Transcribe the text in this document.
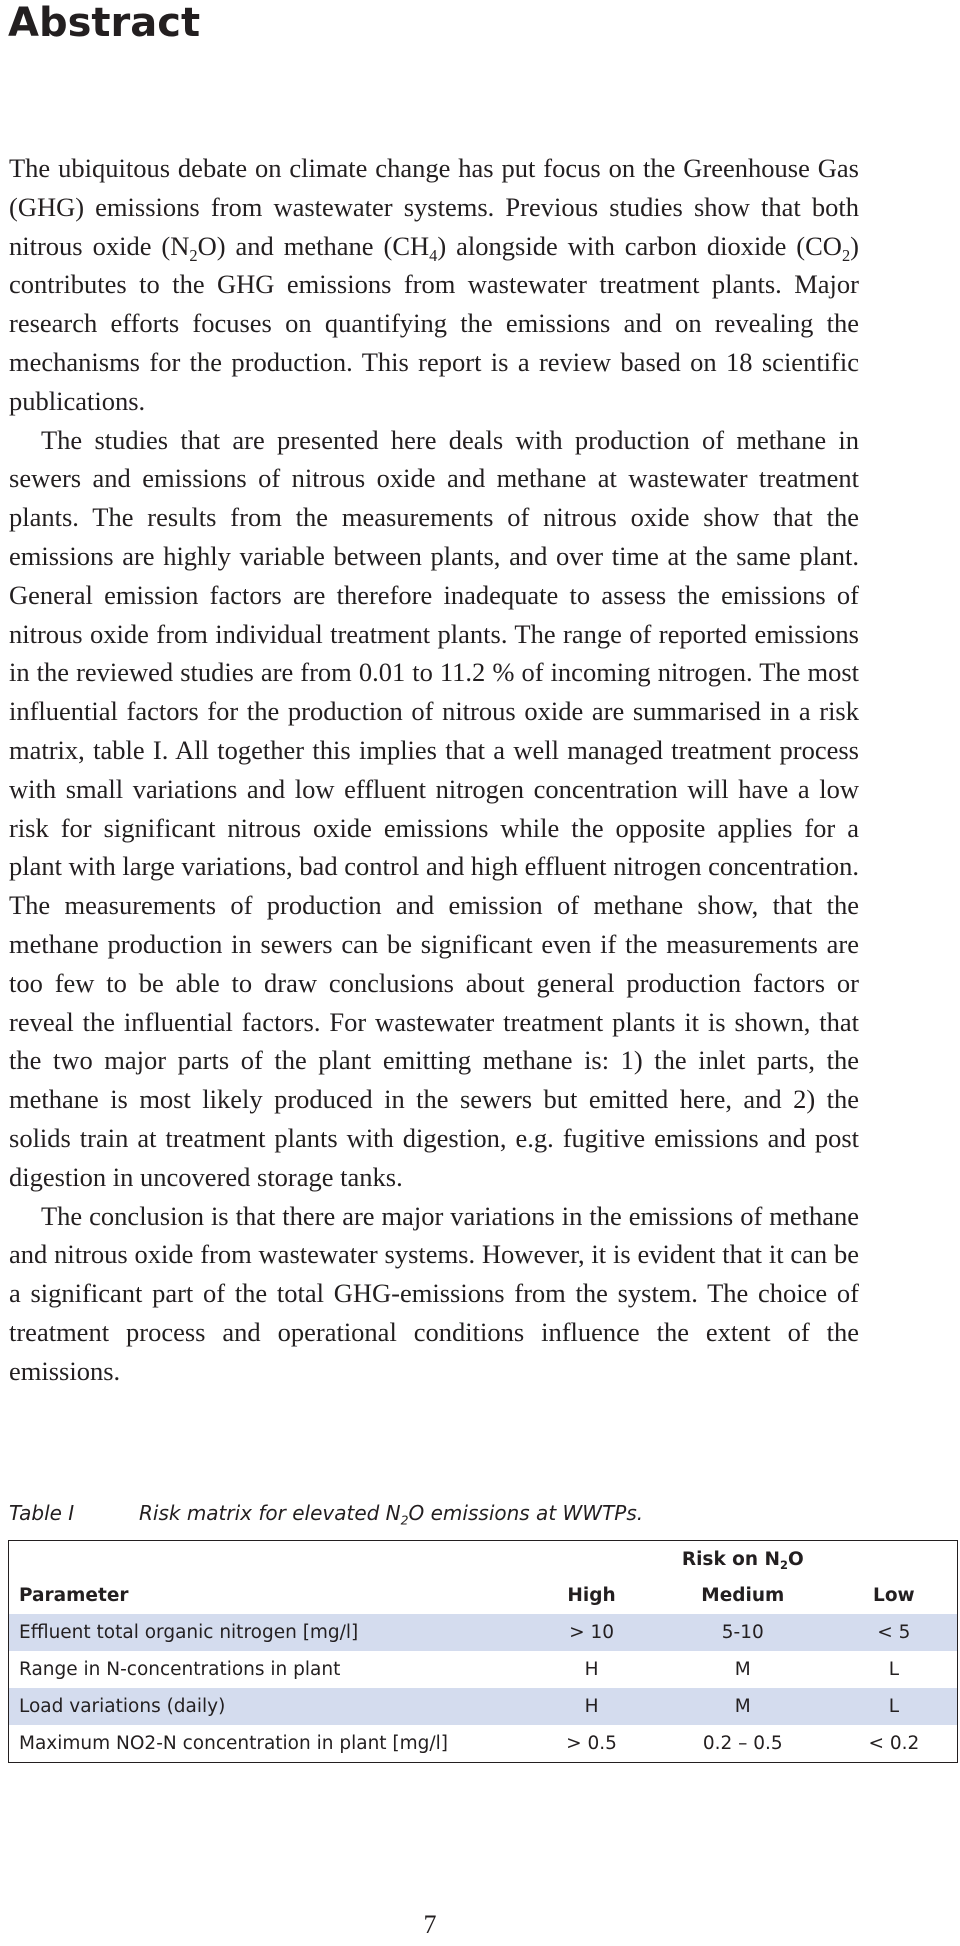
Abstract

The ubiquitous debate on climate change has put focus on the Greenhouse Gas (GHG) emissions from wastewater systems. Previous studies show that both nitrous oxide $(N_2O)$ and methane $(CH_4)$ alongside with carbon dioxide $(CO_2)$ contributes to the GHG emissions from wastewater treatment plants. Major research efforts focuses on quantifying the emissions and on revealing the mechanisms for the production. This report is a review based on 18 scientific publications.

The studies that are presented here deals with production of methane in sewers and emissions of nitrous oxide and methane at wastewater treatment plants. The results from the measurements of nitrous oxide show that the emissions are highly variable between plants, and over time at the same plant. General emission factors are therefore inadequate to assess the emissions of nitrous oxide from individual treatment plants. The range of reported emissions in the reviewed studies are from 0.01 to 11.2 % of incoming nitrogen. The most influential factors for the production of nitrous oxide are summarised in a risk matrix, table I. All together this implies that a well managed treatment process with small variations and low effluent nitrogen concentration will have a low risk for significant nitrous oxide emissions while the opposite applies for a plant with large variations, bad control and high effluent nitrogen concentration. The measurements of production and emission of methane show, that the methane production in sewers can be significant even if the measurements are too few to be able to draw conclusions about general production factors or reveal the influential factors. For wastewater treatment plants it is shown, that the two major parts of the plant emitting methane is: 1) the inlet parts, the methane is most likely produced in the sewers but emitted here, and 2) the solids train at treatment plants with digestion, e.g. fugitive emissions and post digestion in uncovered storage tanks.

The conclusion is that there are major variations in the emissions of methane and nitrous oxide from wastewater systems. However, it is evident that it can be a significant part of the total GHG-emissions from the system. The choice of treatment process and operational conditions influence the extent of the emissions.

Table I	Risk matrix for elevated $N_2O$ emissions at WWTPs.
		Risk on $N_2O$	
Parameter	High	Medium	Low
Effluent total organic nitrogen [mg/l]	> 10	5-10	< 5
Range in N-concentrations in plant	H	M	L
Load variations (daily)	H	M	L
Maximum NO2-N concentration in plant [mg/l]	> 0.5	0.2 – 0.5	< 0.2
7
